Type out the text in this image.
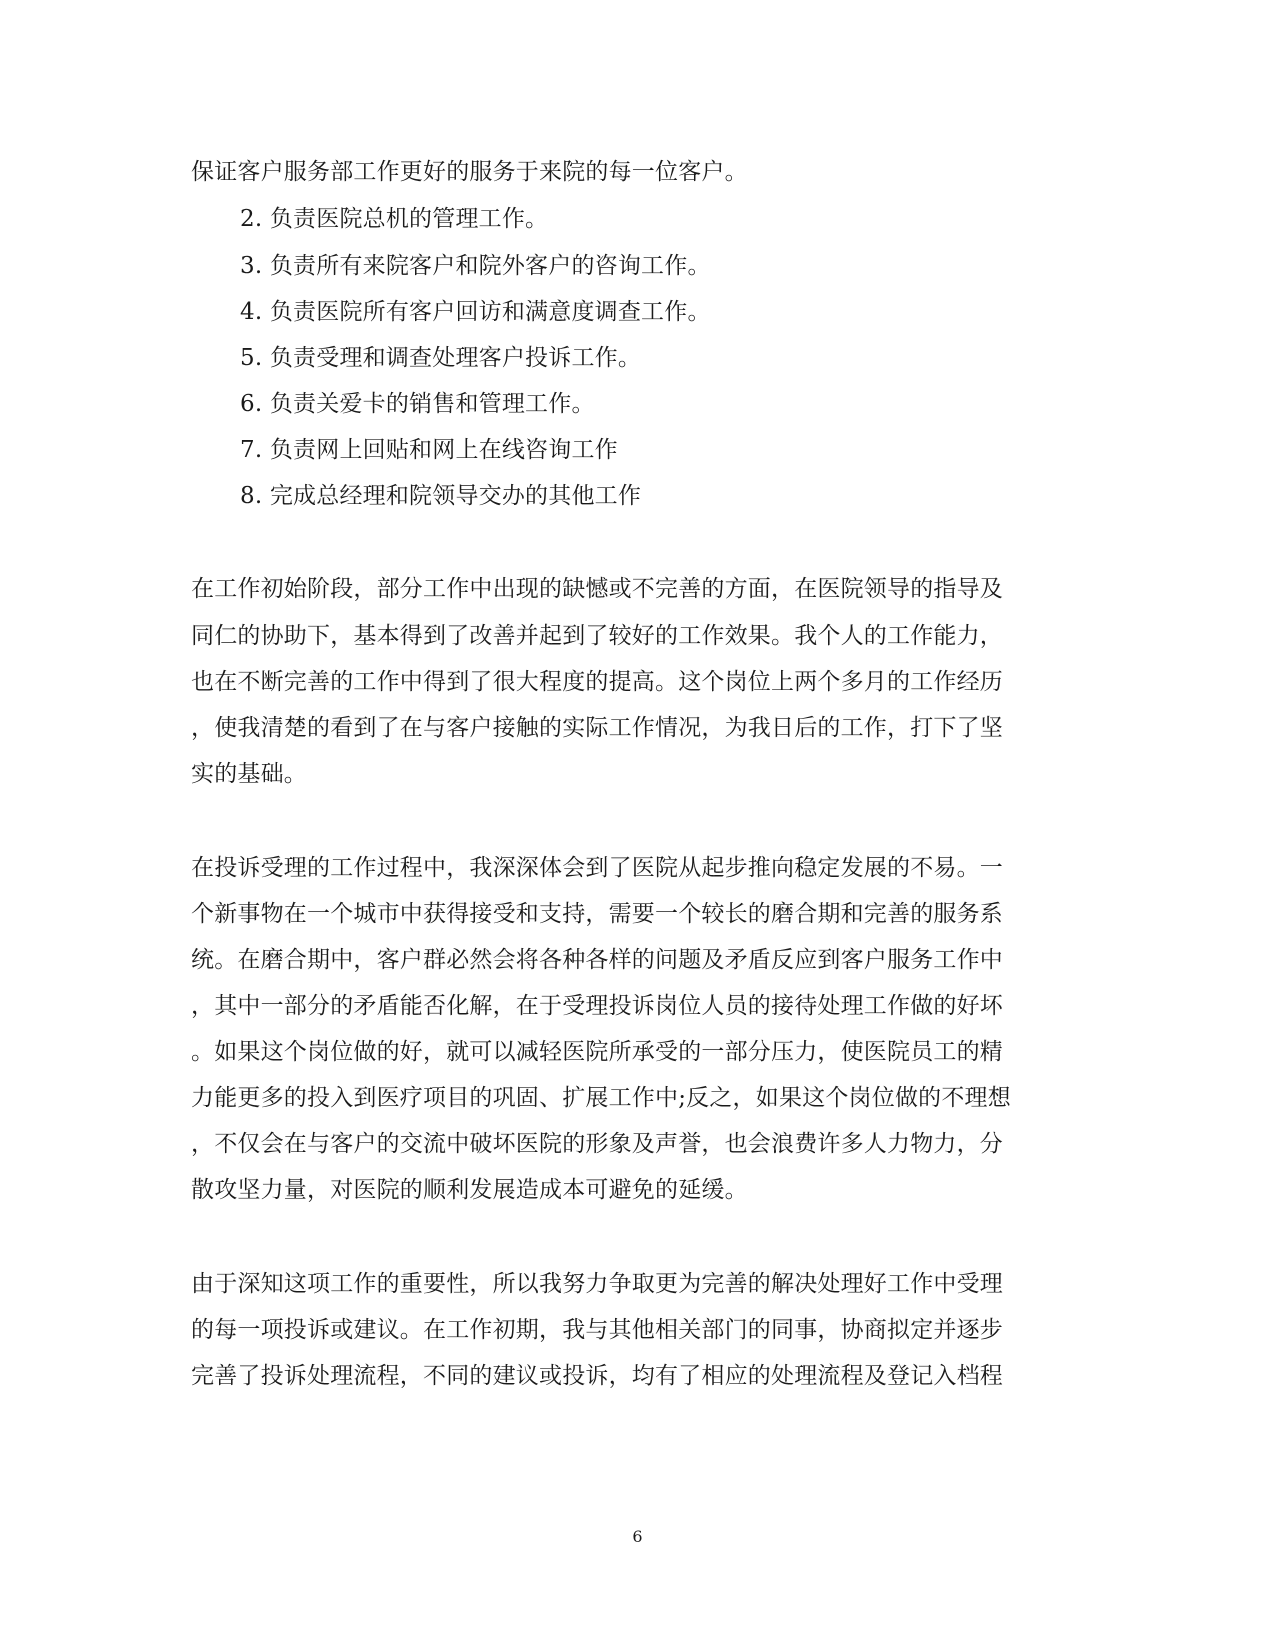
保证客户服务部工作更好的服务于来院的每一位客户。
2. 负责医院总机的管理工作。
3. 负责所有来院客户和院外客户的咨询工作。
4. 负责医院所有客户回访和满意度调查工作。
5. 负责受理和调查处理客户投诉工作。
6. 负责关爱卡的销售和管理工作。
7. 负责网上回贴和网上在线咨询工作
8. 完成总经理和院领导交办的其他工作
在工作初始阶段，部分工作中出现的缺憾或不完善的方面，在医院领导的指导及
同仁的协助下，基本得到了改善并起到了较好的工作效果。我个人的工作能力，
也在不断完善的工作中得到了很大程度的提高。这个岗位上两个多月的工作经历
，使我清楚的看到了在与客户接触的实际工作情况，为我日后的工作，打下了坚
实的基础。
在投诉受理的工作过程中，我深深体会到了医院从起步推向稳定发展的不易。一
个新事物在一个城市中获得接受和支持，需要一个较长的磨合期和完善的服务系
统。在磨合期中，客户群必然会将各种各样的问题及矛盾反应到客户服务工作中
，其中一部分的矛盾能否化解，在于受理投诉岗位人员的接待处理工作做的好坏
。如果这个岗位做的好，就可以减轻医院所承受的一部分压力，使医院员工的精
力能更多的投入到医疗项目的巩固、扩展工作中;反之，如果这个岗位做的不理想
，不仅会在与客户的交流中破坏医院的形象及声誉，也会浪费许多人力物力，分
散攻坚力量，对医院的顺利发展造成本可避免的延缓。
由于深知这项工作的重要性，所以我努力争取更为完善的解决处理好工作中受理
的每一项投诉或建议。在工作初期，我与其他相关部门的同事，协商拟定并逐步
完善了投诉处理流程，不同的建议或投诉，均有了相应的处理流程及登记入档程
6
